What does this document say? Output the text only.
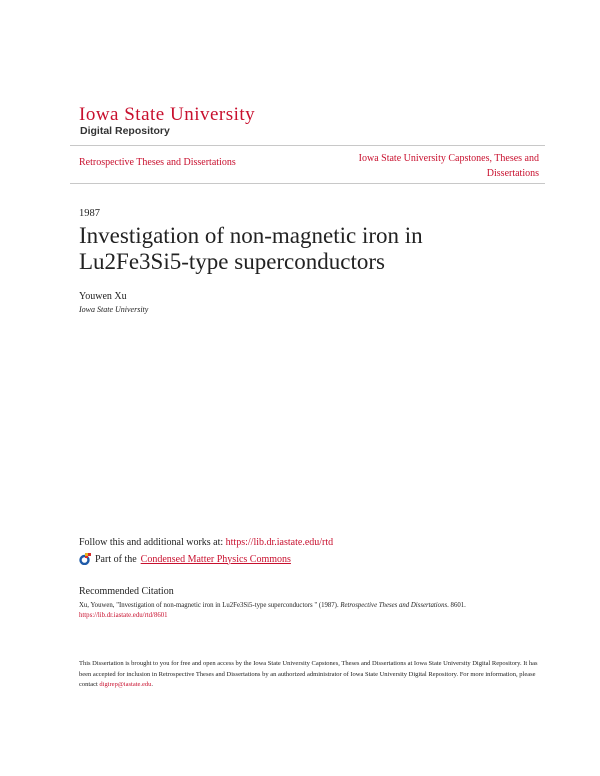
Iowa State University
Digital Repository
Retrospective Theses and Dissertations	Iowa State University Capstones, Theses and Dissertations
1987
Investigation of non-magnetic iron in Lu2Fe3Si5-type superconductors
Youwen Xu
Iowa State University
Follow this and additional works at: https://lib.dr.iastate.edu/rtd
Part of the Condensed Matter Physics Commons
Recommended Citation
Xu, Youwen, "Investigation of non-magnetic iron in Lu2Fe3Si5-type superconductors " (1987). Retrospective Theses and Dissertations. 8601.
https://lib.dr.iastate.edu/rtd/8601
This Dissertation is brought to you for free and open access by the Iowa State University Capstones, Theses and Dissertations at Iowa State University Digital Repository. It has been accepted for inclusion in Retrospective Theses and Dissertations by an authorized administrator of Iowa State University Digital Repository. For more information, please contact digirep@iastate.edu.
